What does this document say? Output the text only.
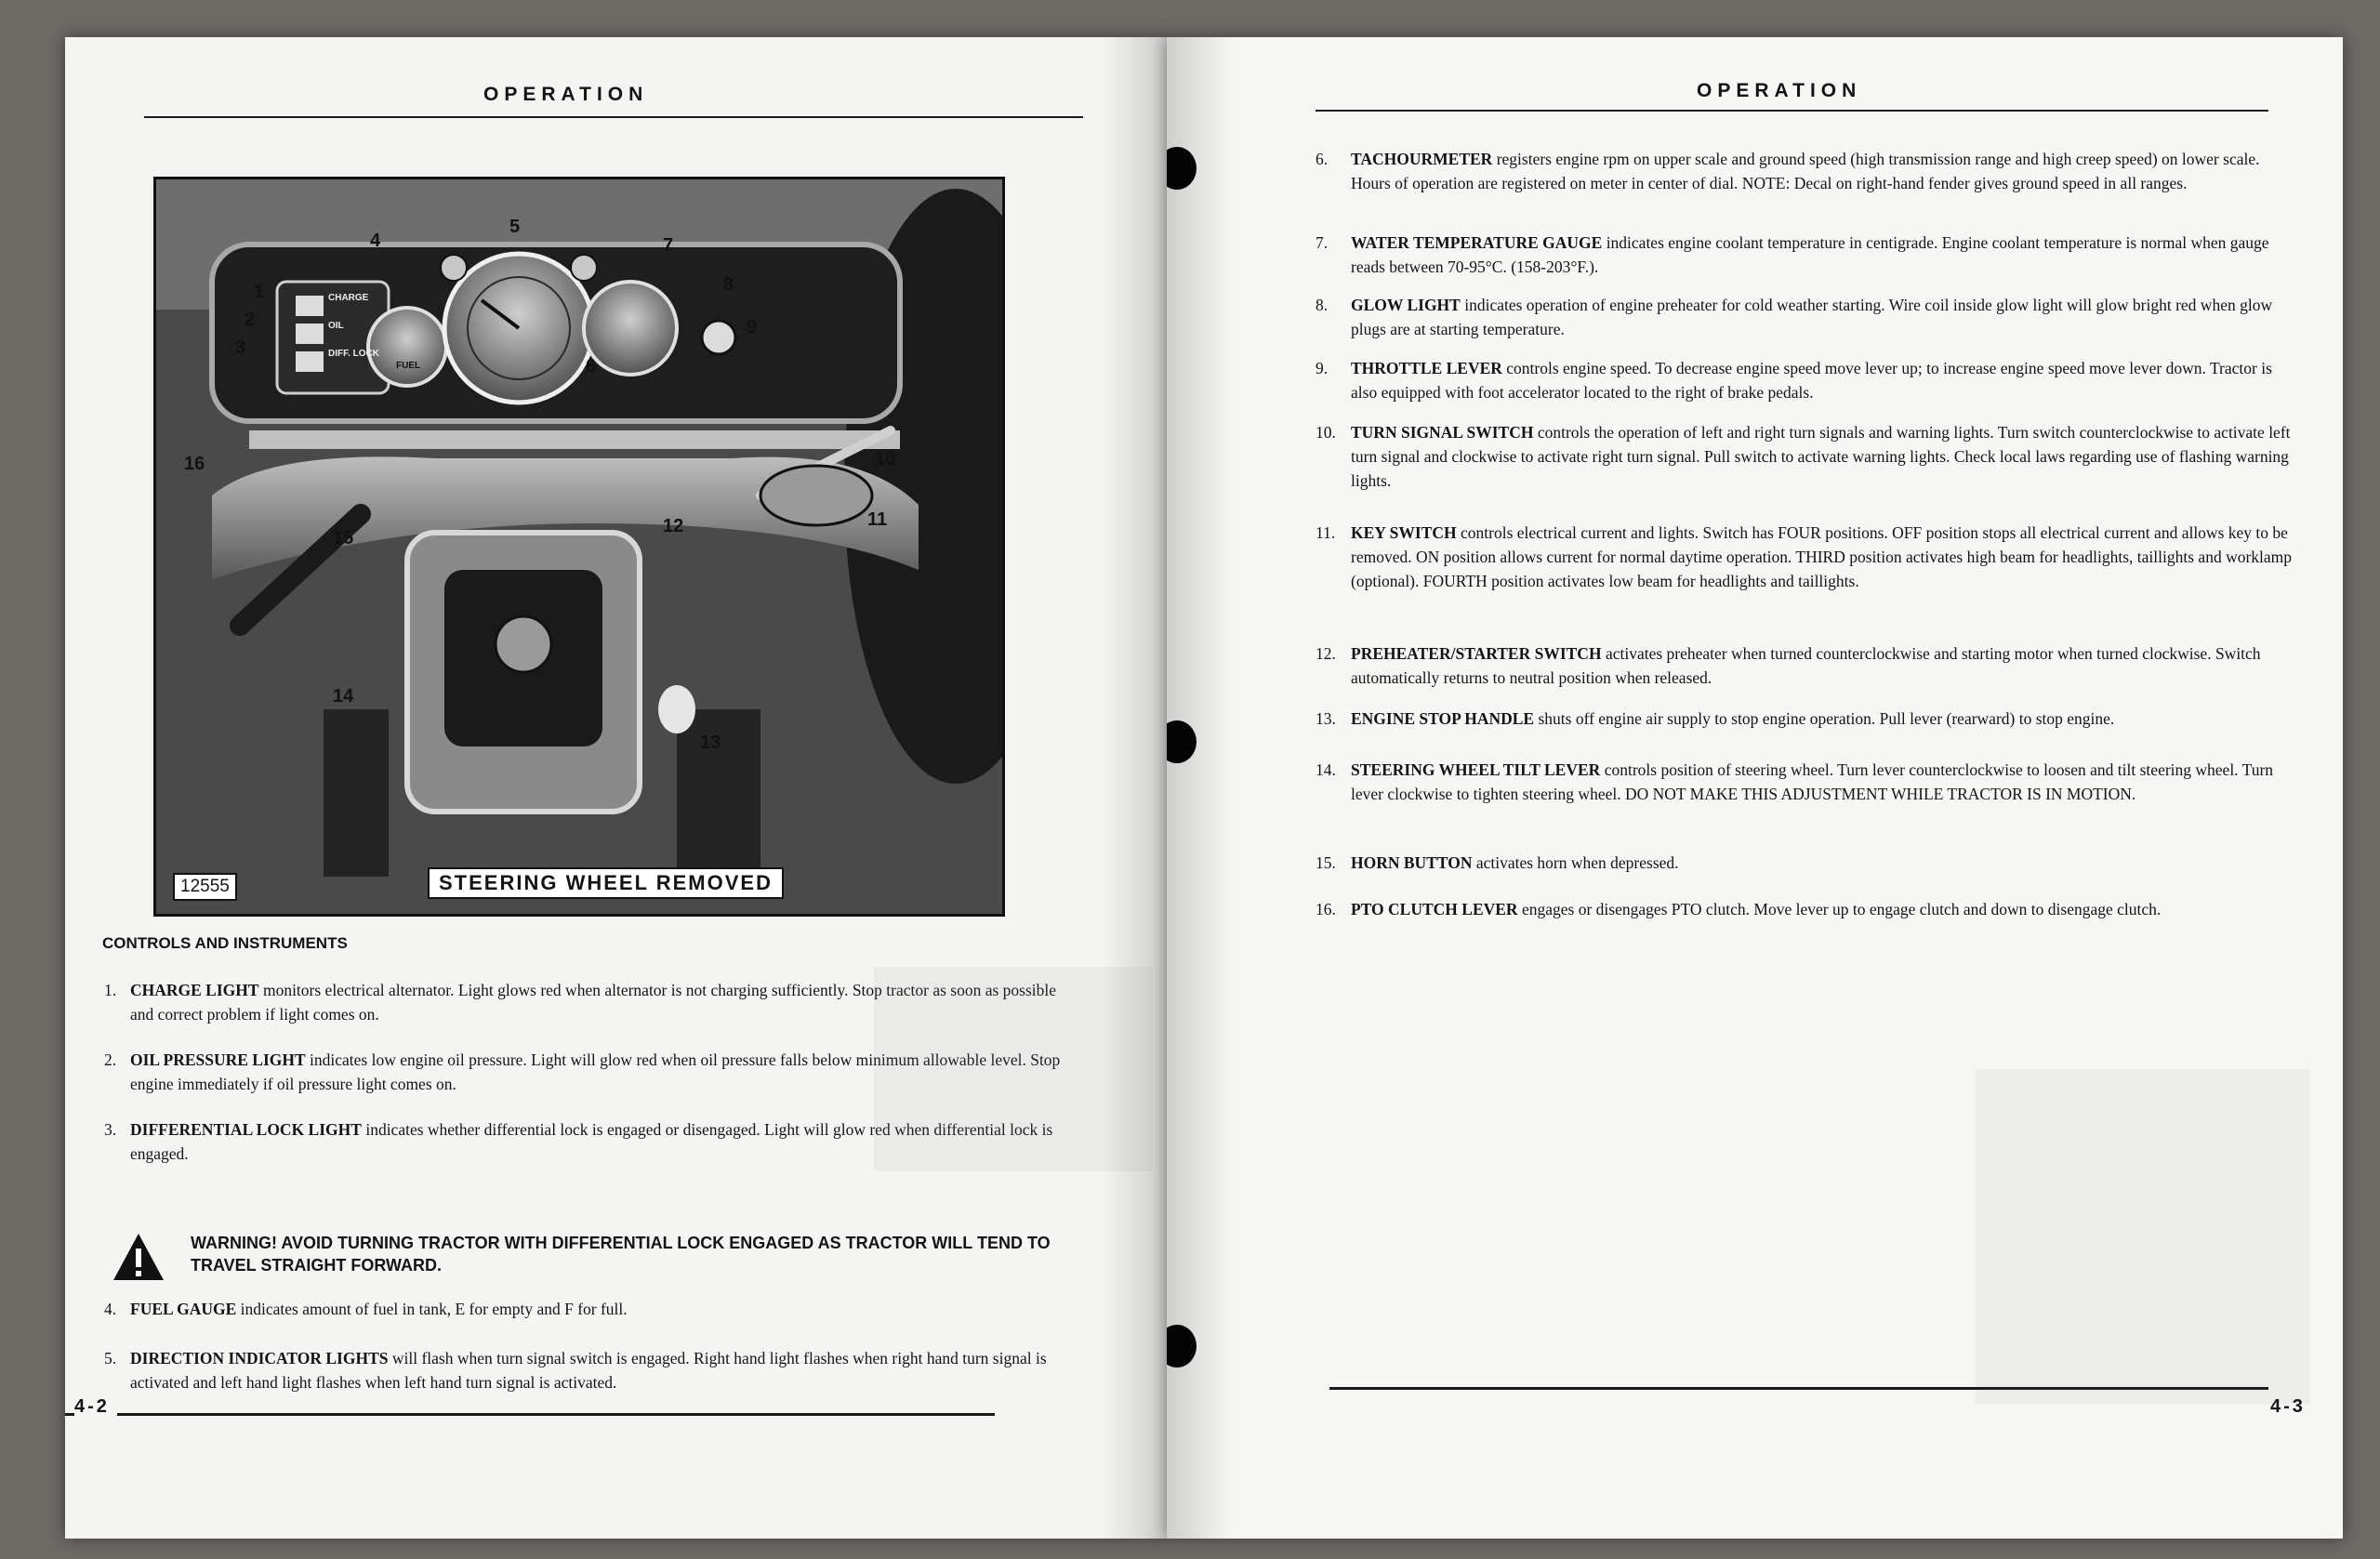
OPERATION
1
2
3
4
5
6
7
8
9
10
11
12
13
14
15
16
CHARGE
OIL
DIFF. LOCK
FUEL
12555	STEERING WHEEL REMOVED
CONTROLS AND INSTRUMENTS
1. CHARGE LIGHT monitors electrical alternator. Light glows red when alternator is not charging sufficiently. Stop tractor as soon as possible and correct problem if light comes on.
2. OIL PRESSURE LIGHT indicates low engine oil pressure. Light will glow red when oil pressure falls below minimum allowable level. Stop engine immediately if oil pressure light comes on.
3. DIFFERENTIAL LOCK LIGHT indicates whether differential lock is engaged or disengaged. Light will glow red when differential lock is engaged.
WARNING! AVOID TURNING TRACTOR WITH DIFFERENTIAL LOCK ENGAGED AS TRACTOR WILL TEND TO TRAVEL STRAIGHT FORWARD.
4. FUEL GAUGE indicates amount of fuel in tank, E for empty and F for full.
5. DIRECTION INDICATOR LIGHTS will flash when turn signal switch is engaged. Right hand light flashes when right hand turn signal is activated and left hand light flashes when left hand turn signal is activated.
4-2
OPERATION
6.	TACHOURMETER registers engine rpm on upper scale and ground speed (high transmission range and high creep speed) on lower scale. Hours of operation are registered on meter in center of dial. NOTE: Decal on right-hand fender gives ground speed in all ranges.
7.	WATER TEMPERATURE GAUGE indicates engine coolant temperature in centigrade. Engine coolant temperature is normal when gauge reads between 70-95°C. (158-203°F.).
8.	GLOW LIGHT indicates operation of engine preheater for cold weather starting. Wire coil inside glow light will glow bright red when glow plugs are at starting temperature.
9.	THROTTLE LEVER controls engine speed. To decrease engine speed move lever up; to increase engine speed move lever down. Tractor is also equipped with foot accelerator located to the right of brake pedals.
10. TURN SIGNAL SWITCH controls the operation of left and right turn signals and warning lights. Turn switch counterclockwise to activate left turn signal and clockwise to activate right turn signal. Pull switch to activate warning lights. Check local laws regarding use of flashing warning lights.
11. KEY SWITCH controls electrical current and lights. Switch has FOUR positions. OFF position stops all electrical current and allows key to be removed. ON position allows current for normal daytime operation. THIRD position activates high beam for headlights, taillights and worklamp (optional). FOURTH position activates low beam for headlights and taillights.
12. PREHEATER/STARTER SWITCH activates preheater when turned counterclockwise and starting motor when turned clockwise. Switch automatically returns to neutral position when released.
13. ENGINE STOP HANDLE shuts off engine air supply to stop engine operation. Pull lever (rearward) to stop engine.
14. STEERING WHEEL TILT LEVER controls position of steering wheel. Turn lever counterclockwise to loosen and tilt steering wheel. Turn lever clockwise to tighten steering wheel. DO NOT MAKE THIS ADJUSTMENT WHILE TRACTOR IS IN MOTION.
15. HORN BUTTON activates horn when depressed.
16. PTO CLUTCH LEVER engages or disengages PTO clutch. Move lever up to engage clutch and down to disengage clutch.
4-3
